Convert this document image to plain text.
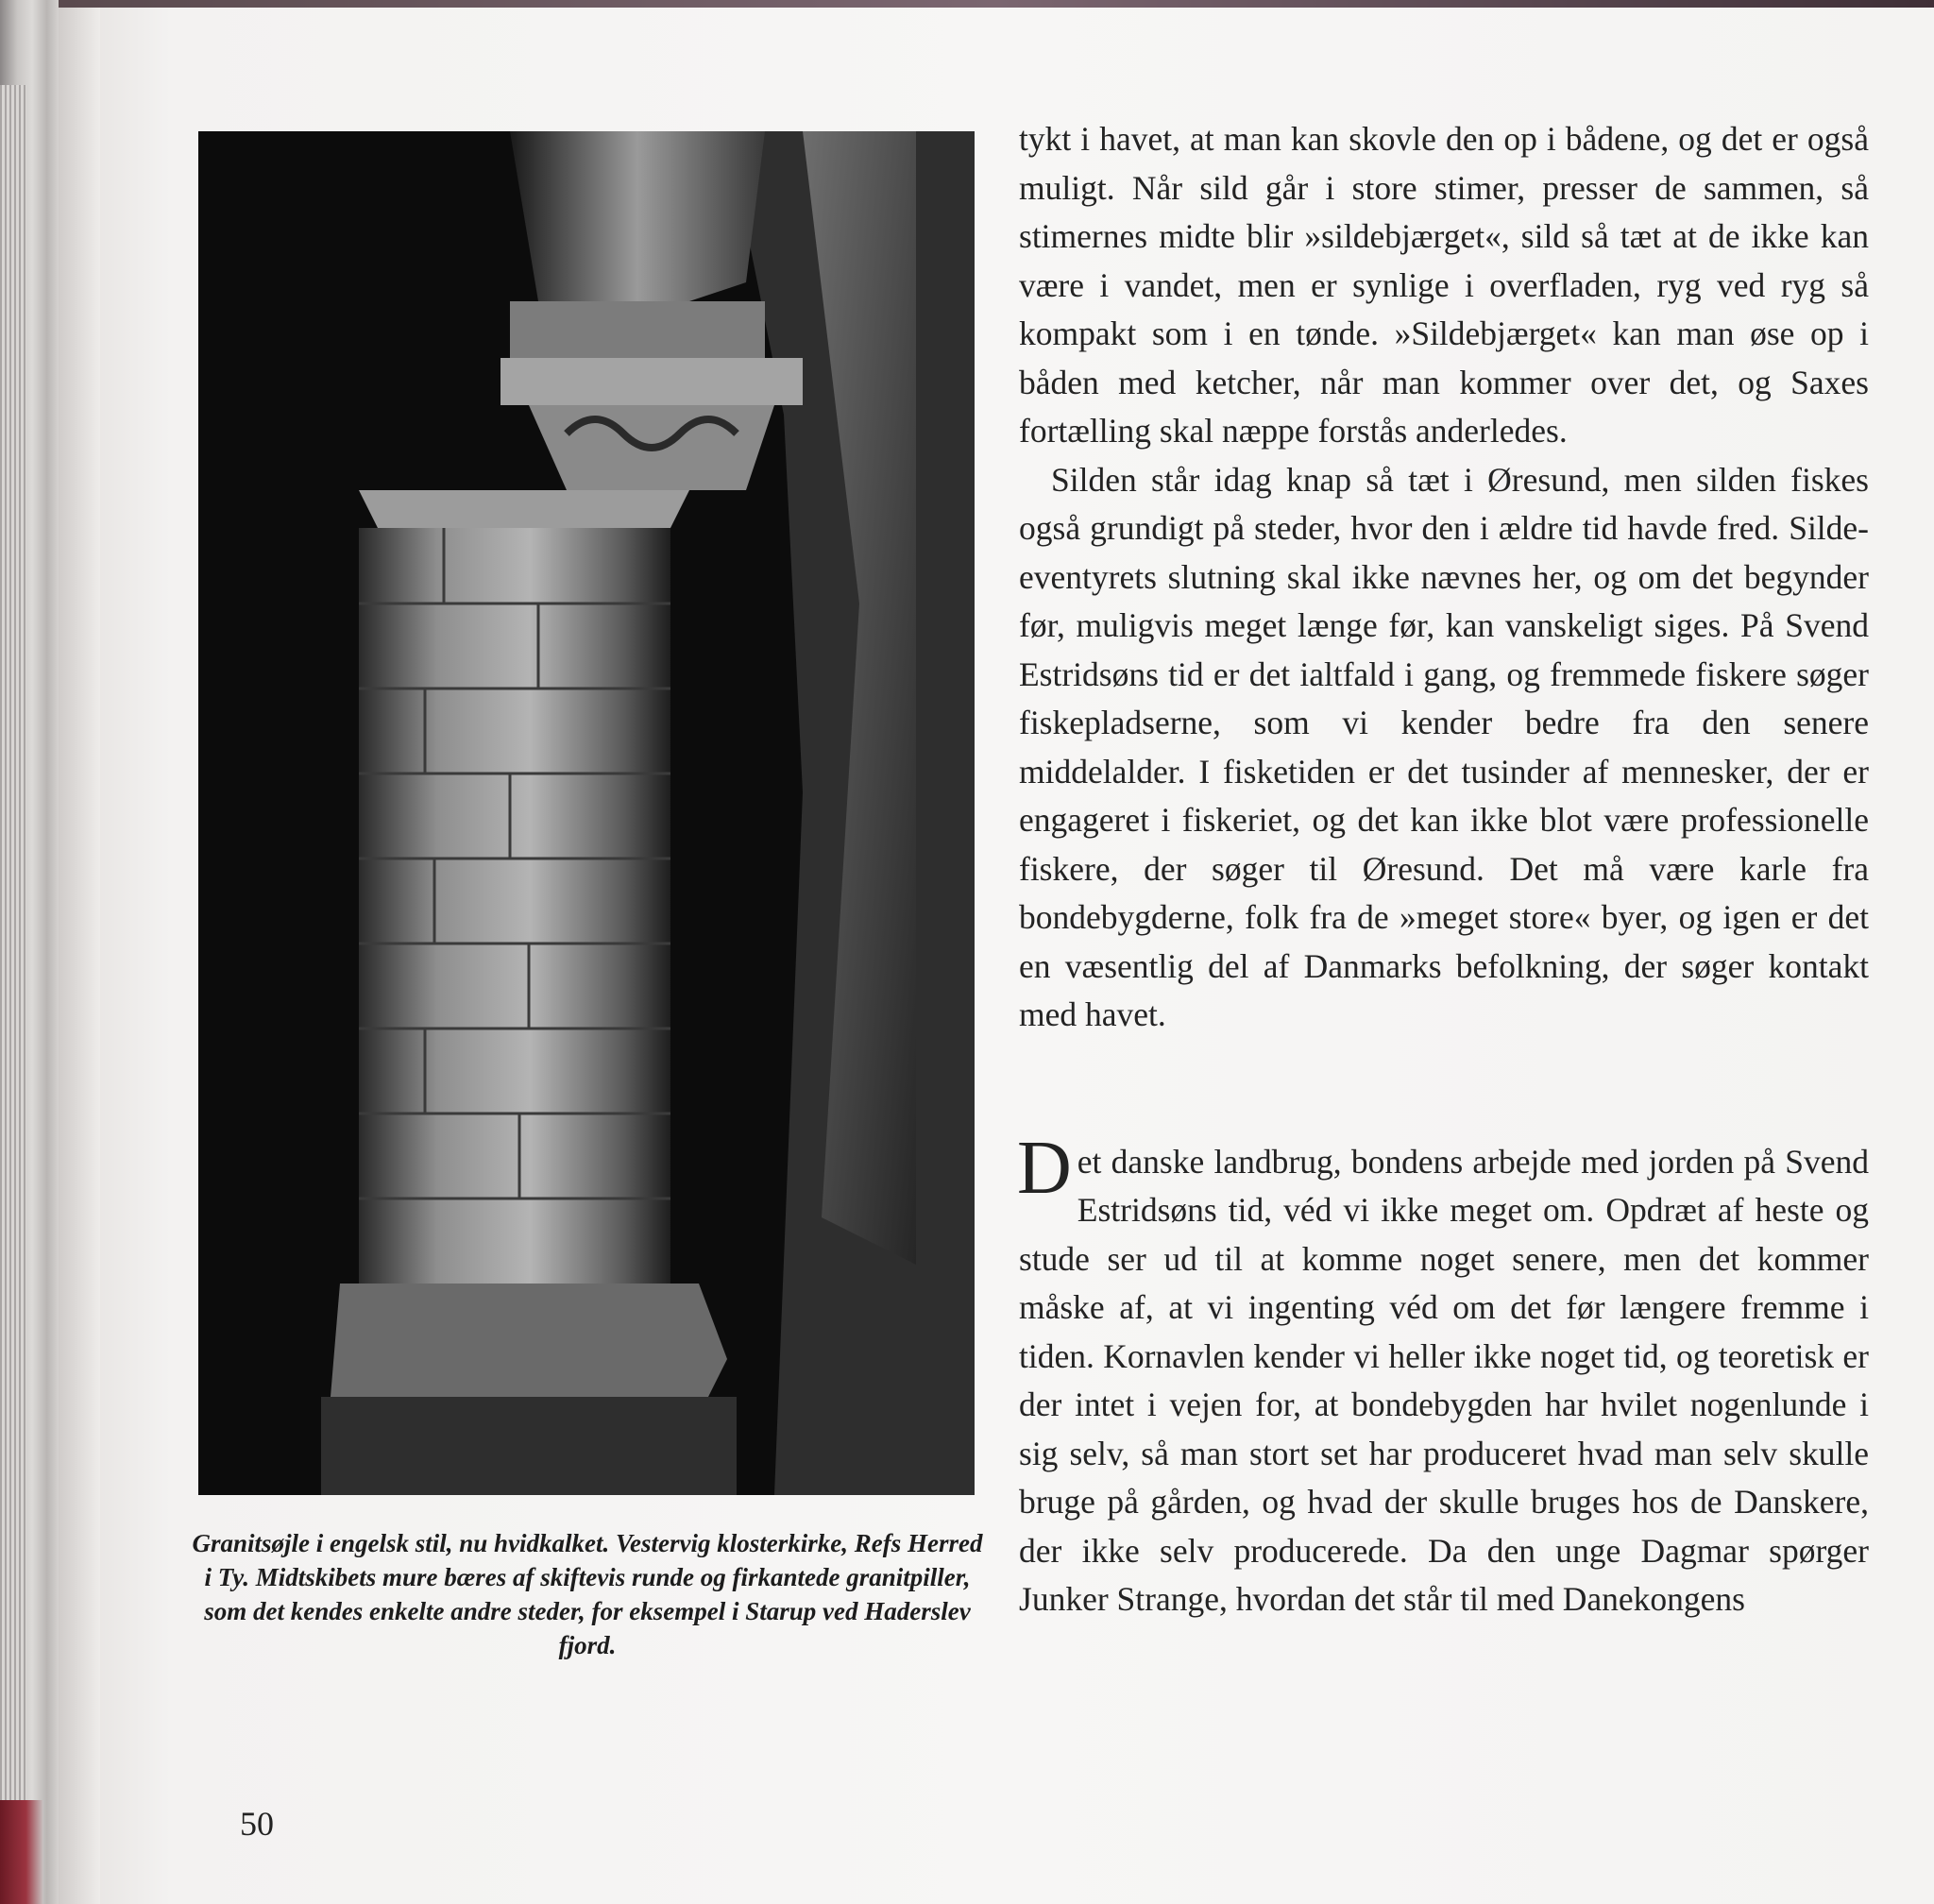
Granitsøjle i engelsk stil, nu hvidkalket. Vestervig klosterkirke, Refs Herred i Ty. Midtskibets mure bæres af skiftevis runde og firkantede granitpiller, som det kendes enkelte andre steder, for eksempel i Starup ved Haderslev fjord.

tykt i havet, at man kan skovle den op i bådene, og det er også muligt. Når sild går i store stimer, presser de sammen, så stimernes midte blir »sildebjærget«, sild så tæt at de ikke kan være i vandet, men er synlige i overfladen, ryg ved ryg så kompakt som i en tønde. »Sildebjærget« kan man øse op i båden med ketcher, når man kommer over det, og Saxes fortælling skal næppe forstås anderledes.

Silden står idag knap så tæt i Øresund, men silden fiskes også grundigt på steder, hvor den i ældre tid havde fred. Silde-eventyrets slutning skal ikke nævnes her, og om det begynder før, muligvis meget længe før, kan vanskeligt siges. På Svend Estridsøns tid er det ialtfald i gang, og fremmede fiskere søger fiskepladserne, som vi kender bedre fra den senere middelalder. I fisketiden er det tusinder af mennesker, der er engageret i fiskeriet, og det kan ikke blot være professionelle fiskere, der søger til Øresund. Det må være karle fra bondebygderne, folk fra de »meget store« byer, og igen er det en væsentlig del af Danmarks befolkning, der søger kontakt med havet.

Det danske landbrug, bondens arbejde med jorden på Svend Estridsøns tid, véd vi ikke meget om. Opdræt af heste og stude ser ud til at komme noget senere, men det kommer måske af, at vi ingenting véd om det før længere fremme i tiden. Kornavlen kender vi heller ikke noget tid, og teoretisk er der intet i vejen for, at bondebygden har hvilet nogenlunde i sig selv, så man stort set har produceret hvad man selv skulle bruge på gården, og hvad der skulle bruges hos de Danskere, der ikke selv producerede. Da den unge Dagmar spørger Junker Strange, hvordan det står til med Danekongens

50
